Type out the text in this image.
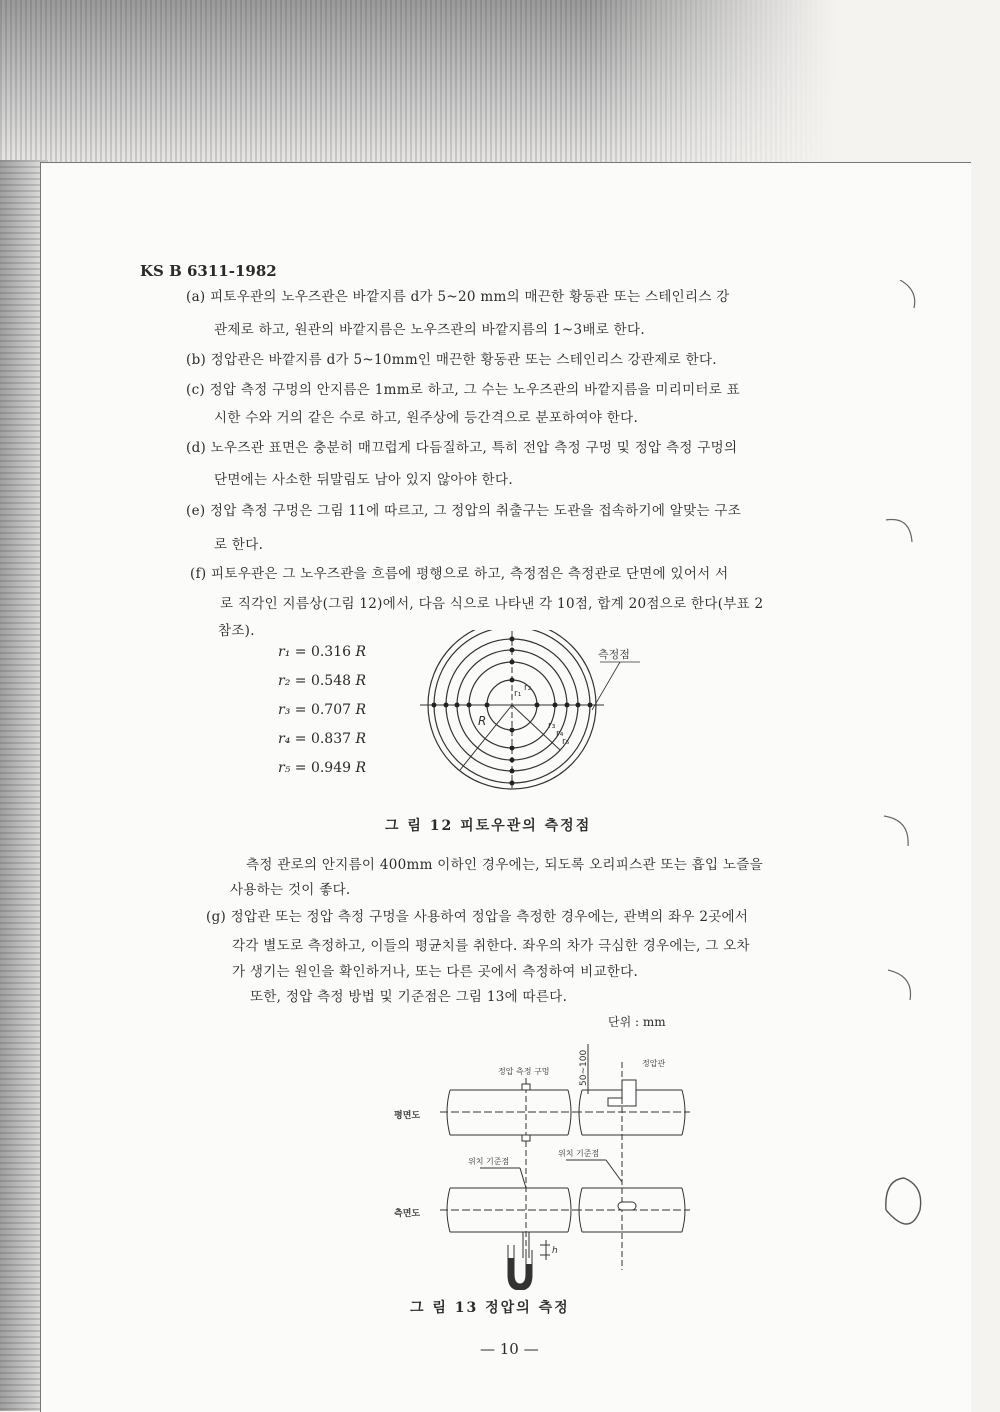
KS B 6311-1982
(a) 피토우관의 노우즈관은 바깥지름 d가 5~20 mm의 매끈한 황동관 또는 스테인리스 강
관제로 하고, 원관의 바깥지름은 노우즈관의 바깥지름의 1~3배로 한다.
(b) 정압관은 바깥지름 d가 5~10mm인 매끈한 황동관 또는 스테인리스 강관제로 한다.
(c) 정압 측정 구멍의 안지름은 1mm로 하고, 그 수는 노우즈관의 바깥지름을 미리미터로 표
시한 수와 거의 같은 수로 하고, 원주상에 등간격으로 분포하여야 한다.
(d) 노우즈관 표면은 충분히 매끄럽게 다듬질하고, 특히 전압 측정 구멍 및 정압 측정 구멍의
단면에는 사소한 뒤말림도 남아 있지 않아야 한다.
(e) 정압 측정 구멍은 그림 11에 따르고, 그 정압의 취출구는 도관을 접속하기에 알맞는 구조
로 한다.
(f) 피토우관은 그 노우즈관을 흐름에 평행으로 하고, 측정점은 측정관로 단면에 있어서 서
로 직각인 지름상(그림 12)에서, 다음 식으로 나타낸 각 10점, 합계 20점으로 한다(부표 2
참조).
r₁ = 0.316 R
r₂ = 0.548 R
r₃ = 0.707 R
r₄ = 0.837 R
r₅ = 0.949 R
측정점
R
r₁
r₂
r₃
r₄
r₅
그 림 12 피토우관의 측정점
측정 관로의 안지름이 400mm 이하인 경우에는, 되도록 오리피스관 또는 흡입 노즐을
사용하는 것이 좋다.
(g) 정압관 또는 정압 측정 구멍을 사용하여 정압을 측정한 경우에는, 관벽의 좌우 2곳에서
각각 별도로 측정하고, 이들의 평균치를 취한다. 좌우의 차가 극심한 경우에는, 그 오차
가 생기는 원인을 확인하거나, 또는 다른 곳에서 측정하여 비교한다.
또한, 정압 측정 방법 및 기준점은 그림 13에 따른다.
단위 : mm
정압 측정 구멍
정압관
50~100
위치 기준점
위치 기준점
h
평면도
측면도
그 림 13 정압의 측정
— 10 —
